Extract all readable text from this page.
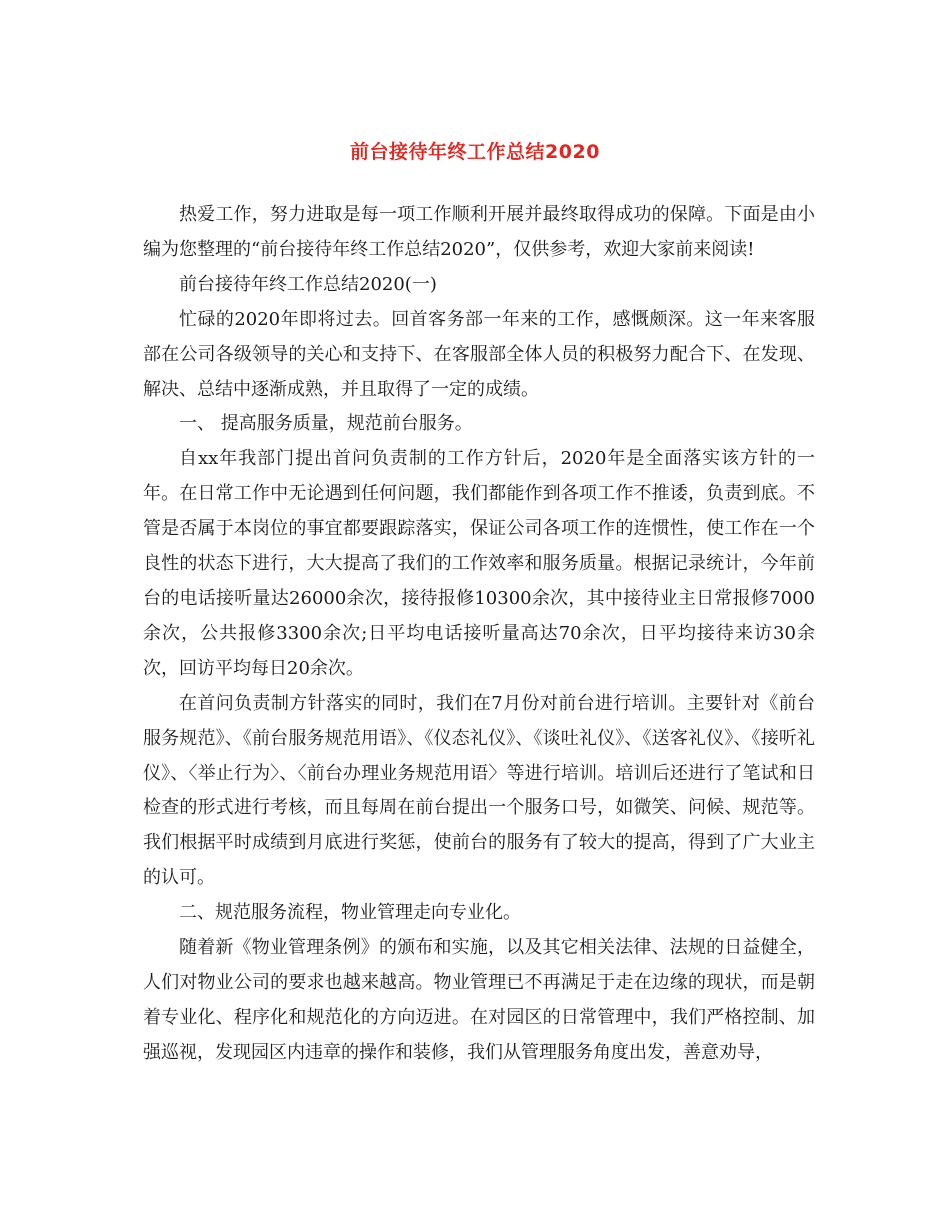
前台接待年终工作总结2020

热爱工作，努力进取是每一项工作顺利开展并最终取得成功的保障。下面是由小编为您整理的“前台接待年终工作总结2020”，仅供参考，欢迎大家前来阅读!

前台接待年终工作总结2020(一)

忙碌的2020年即将过去。回首客务部一年来的工作，感慨颇深。这一年来客服部在公司各级领导的关心和支持下、在客服部全体人员的积极努力配合下、在发现、解决、总结中逐渐成熟，并且取得了一定的成绩。

一、 提高服务质量，规范前台服务。

自xx年我部门提出首问负责制的工作方针后，2020年是全面落实该方针的一年。在日常工作中无论遇到任何问题，我们都能作到各项工作不推诿，负责到底。不管是否属于本岗位的事宜都要跟踪落实，保证公司各项工作的连惯性，使工作在一个良性的状态下进行，大大提高了我们的工作效率和服务质量。根据记录统计，今年前台的电话接听量达26000余次，接待报修10300余次，其中接待业主日常报修7000余次，公共报修3300余次;日平均电话接听量高达70余次，日平均接待来访30余次，回访平均每日20余次。

在首问负责制方针落实的同时，我们在7月份对前台进行培训。主要针对《前台服务规范》、《前台服务规范用语》、《仪态礼仪》、《谈吐礼仪》、《送客礼仪》、《接听礼仪》、〈举止行为〉、〈前台办理业务规范用语〉等进行培训。培训后还进行了笔试和日检查的形式进行考核，而且每周在前台提出一个服务口号，如微笑、问候、规范等。我们根据平时成绩到月底进行奖惩，使前台的服务有了较大的提高，得到了广大业主的认可。

二、规范服务流程，物业管理走向专业化。

随着新《物业管理条例》的颁布和实施，以及其它相关法律、法规的日益健全，人们对物业公司的要求也越来越高。物业管理已不再满足于走在边缘的现状，而是朝着专业化、程序化和规范化的方向迈进。在对园区的日常管理中，我们严格控制、加强巡视，发现园区内违章的操作和装修，我们从管理服务角度出发，善意劝导，
